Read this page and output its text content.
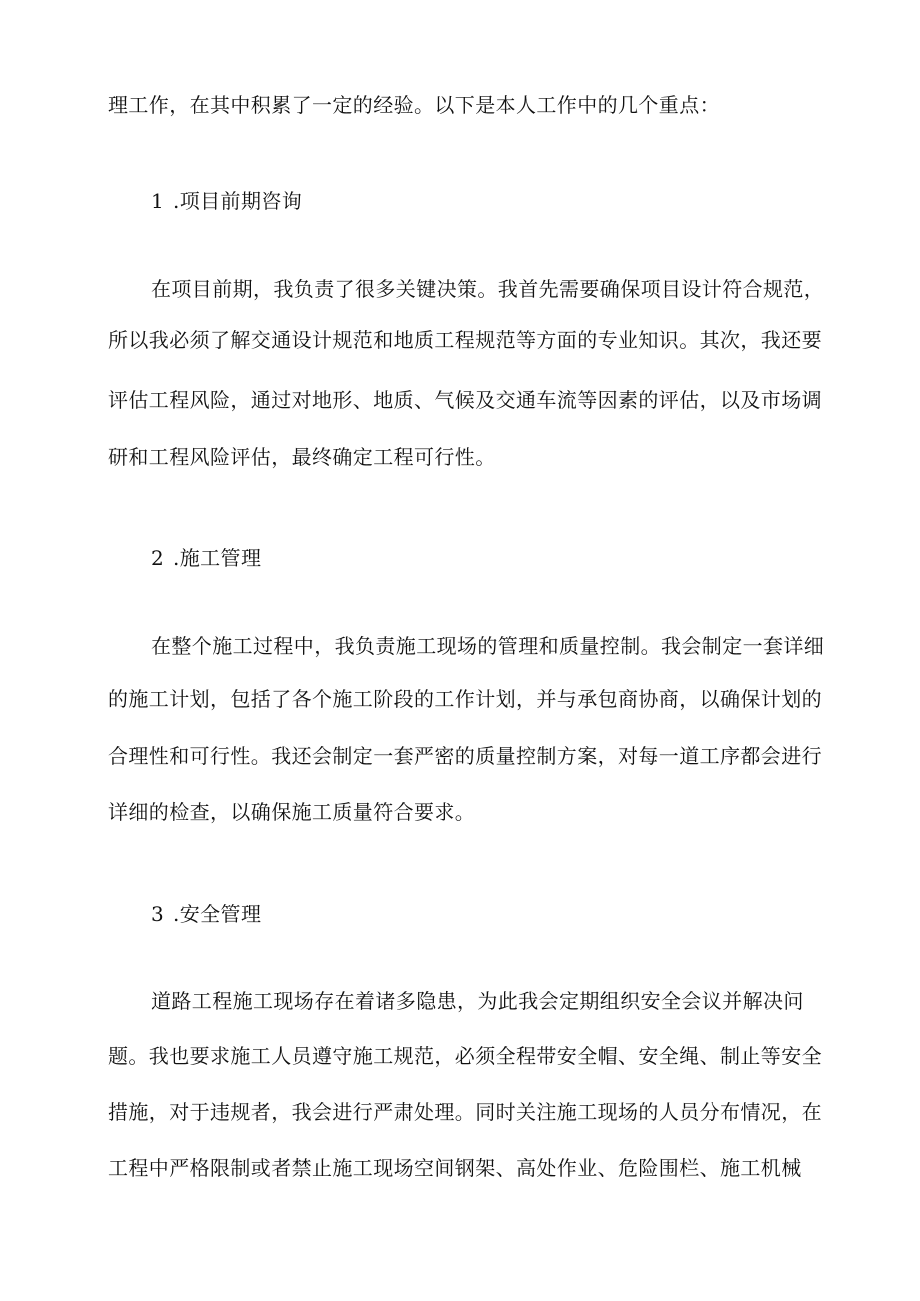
理工作，在其中积累了一定的经验。以下是本人工作中的几个重点：
1 .项目前期咨询
在项目前期，我负责了很多关键决策。我首先需要确保项目设计符合规范，
所以我必须了解交通设计规范和地质工程规范等方面的专业知识。其次，我还要
评估工程风险，通过对地形、地质、气候及交通车流等因素的评估，以及市场调
研和工程风险评估，最终确定工程可行性。
2 .施工管理
在整个施工过程中，我负责施工现场的管理和质量控制。我会制定一套详细
的施工计划，包括了各个施工阶段的工作计划，并与承包商协商，以确保计划的
合理性和可行性。我还会制定一套严密的质量控制方案，对每一道工序都会进行
详细的检查，以确保施工质量符合要求。
3 .安全管理
道路工程施工现场存在着诸多隐患，为此我会定期组织安全会议并解决问
题。我也要求施工人员遵守施工规范，必须全程带安全帽、安全绳、制止等安全
措施，对于违规者，我会进行严肃处理。同时关注施工现场的人员分布情况，在
工程中严格限制或者禁止施工现场空间钢架、高处作业、危险围栏、施工机械
